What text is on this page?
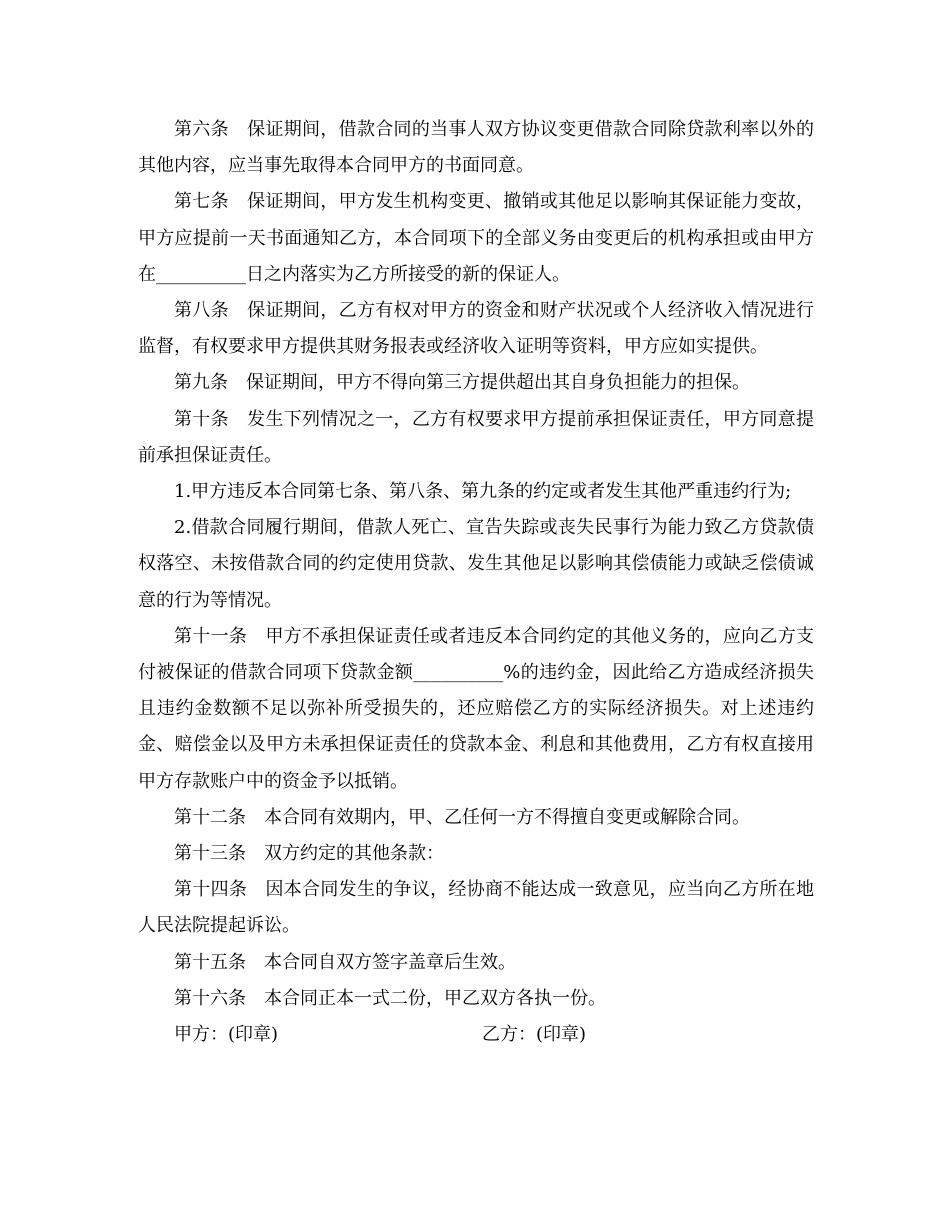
第六条　保证期间，借款合同的当事人双方协议变更借款合同除贷款利率以外的其他内容，应当事先取得本合同甲方的书面同意。

第七条　保证期间，甲方发生机构变更、撤销或其他足以影响其保证能力变故，甲方应提前一天书面通知乙方，本合同项下的全部义务由变更后的机构承担或由甲方在__________日之内落实为乙方所接受的新的保证人。

第八条　保证期间，乙方有权对甲方的资金和财产状况或个人经济收入情况进行监督，有权要求甲方提供其财务报表或经济收入证明等资料，甲方应如实提供。

第九条　保证期间，甲方不得向第三方提供超出其自身负担能力的担保。

第十条　发生下列情况之一，乙方有权要求甲方提前承担保证责任，甲方同意提前承担保证责任。

1.甲方违反本合同第七条、第八条、第九条的约定或者发生其他严重违约行为;

2.借款合同履行期间，借款人死亡、宣告失踪或丧失民事行为能力致乙方贷款债权落空、未按借款合同的约定使用贷款、发生其他足以影响其偿债能力或缺乏偿债诚意的行为等情况。

第十一条　甲方不承担保证责任或者违反本合同约定的其他义务的，应向乙方支付被保证的借款合同项下贷款金额__________%的违约金，因此给乙方造成经济损失且违约金数额不足以弥补所受损失的，还应赔偿乙方的实际经济损失。对上述违约金、赔偿金以及甲方未承担保证责任的贷款本金、利息和其他费用，乙方有权直接用甲方存款账户中的资金予以抵销。

第十二条　本合同有效期内，甲、乙任何一方不得擅自变更或解除合同。

第十三条　双方约定的其他条款：

第十四条　因本合同发生的争议，经协商不能达成一致意见，应当向乙方所在地人民法院提起诉讼。

第十五条　本合同自双方签字盖章后生效。

第十六条　本合同正本一式二份，甲乙双方各执一份。

甲方：(印章)	乙方：(印章)
